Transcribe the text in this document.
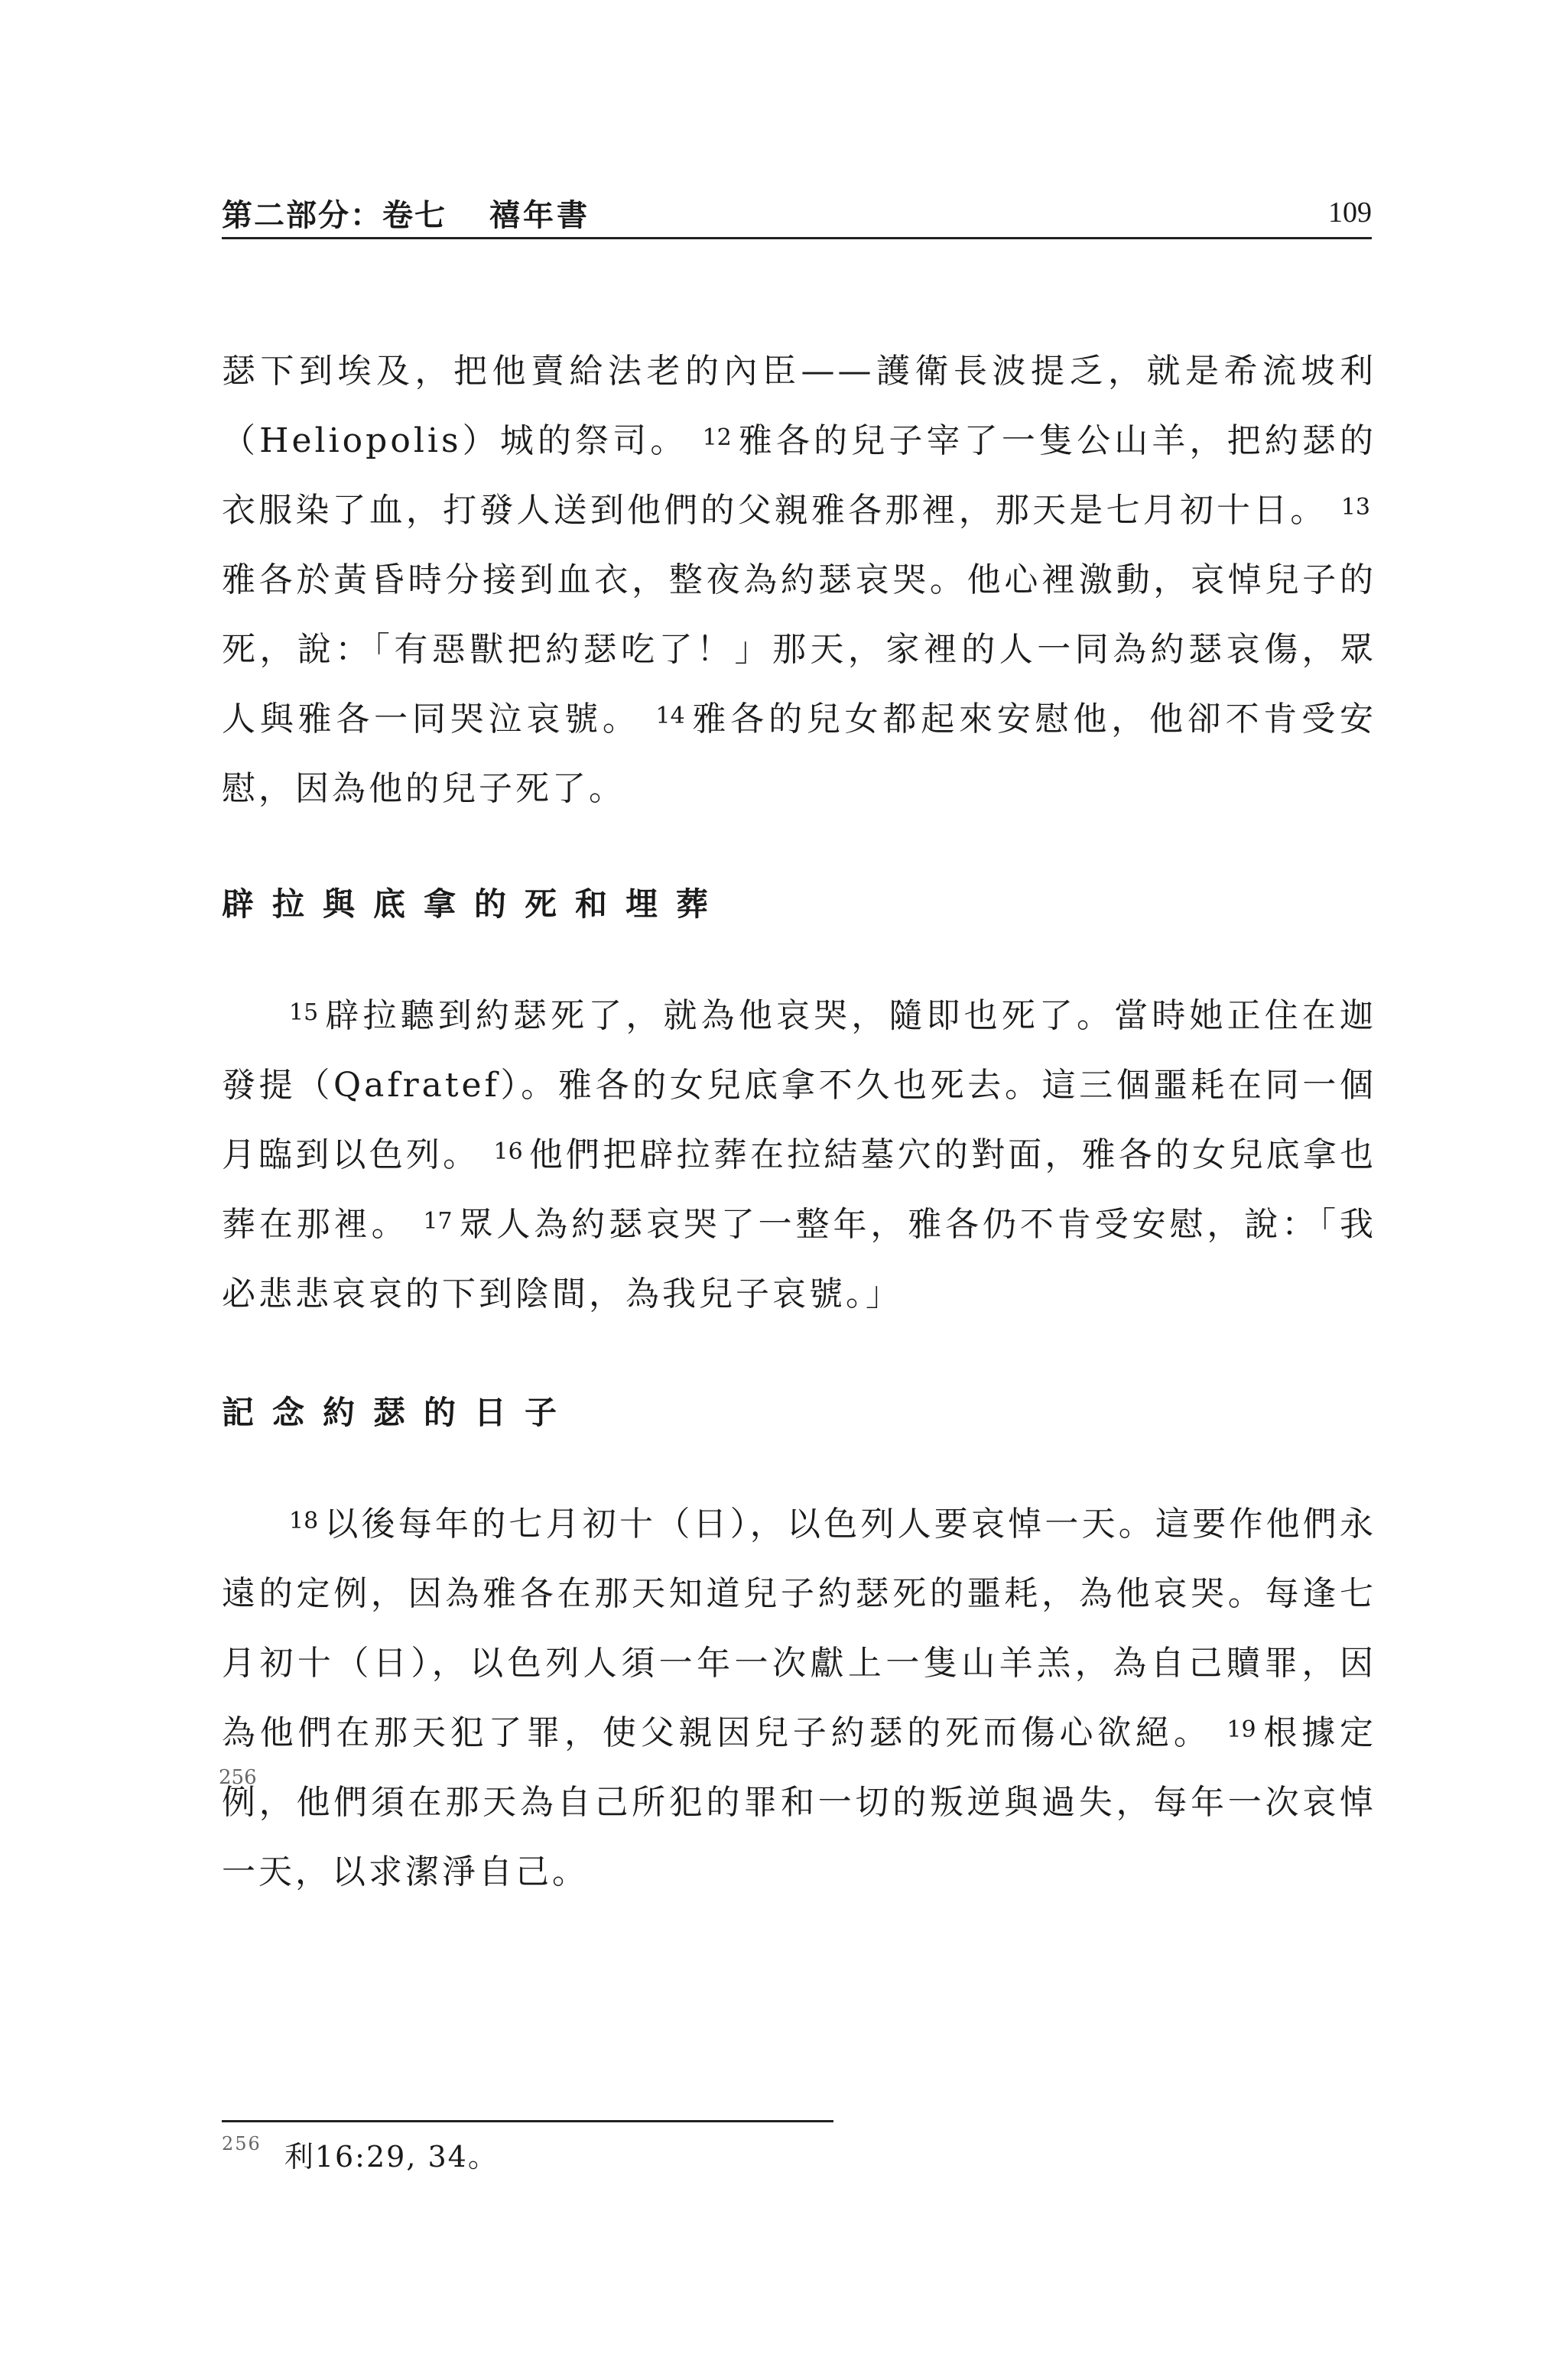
第二部分：卷七 禧年書	109

瑟下到埃及，把他賣給法老的內臣——護衛長波提乏，就是希流坡利（Heliopolis）城的祭司。 $^{12}$ 雅各的兒子宰了一隻公山羊，把約瑟的衣服染了血，打發人送到他們的父親雅各那裡，那天是七月初十日。 $^{13}$雅各於黃昏時分接到血衣，整夜為約瑟哀哭。他心裡激動，哀悼兒子的死，說：「有惡獸把約瑟吃了！」那天，家裡的人一同為約瑟哀傷，眾人與雅各一同哭泣哀號。 $^{14}$ 雅各的兒女都起來安慰他，他卻不肯受安慰，因為他的兒子死了。

辟拉與底拿的死和埋葬

$^{15}$ 辟拉聽到約瑟死了，就為他哀哭，隨即也死了。當時她正住在迦發提（Qafratef）。雅各的女兒底拿不久也死去。這三個噩耗在同一個月臨到以色列。 $^{16}$ 他們把辟拉葬在拉結墓穴的對面，雅各的女兒底拿也葬在那裡。 $^{17}$ 眾人為約瑟哀哭了一整年，雅各仍不肯受安慰，說：「我必悲悲哀哀的下到陰間，為我兒子哀號。」

記念約瑟的日子

$^{18}$ 以後每年的七月初十（日），以色列人要哀悼一天。這要作他們永遠的定例，因為雅各在那天知道兒子約瑟死的噩耗，為他哀哭。每逢七月初十（日），以色列人須一年一次獻上一隻山羊羔，為自己贖罪，因為他們在那天犯了罪，使父親因兒子約瑟的死而傷心欲絕。 $^{19}$ 根據定例，他們須在那天為自己所犯的罪和一切的叛逆與過失，每年一次哀悼一天，以求潔淨自己。

256
$^{256}$ 利16:29, 34。
